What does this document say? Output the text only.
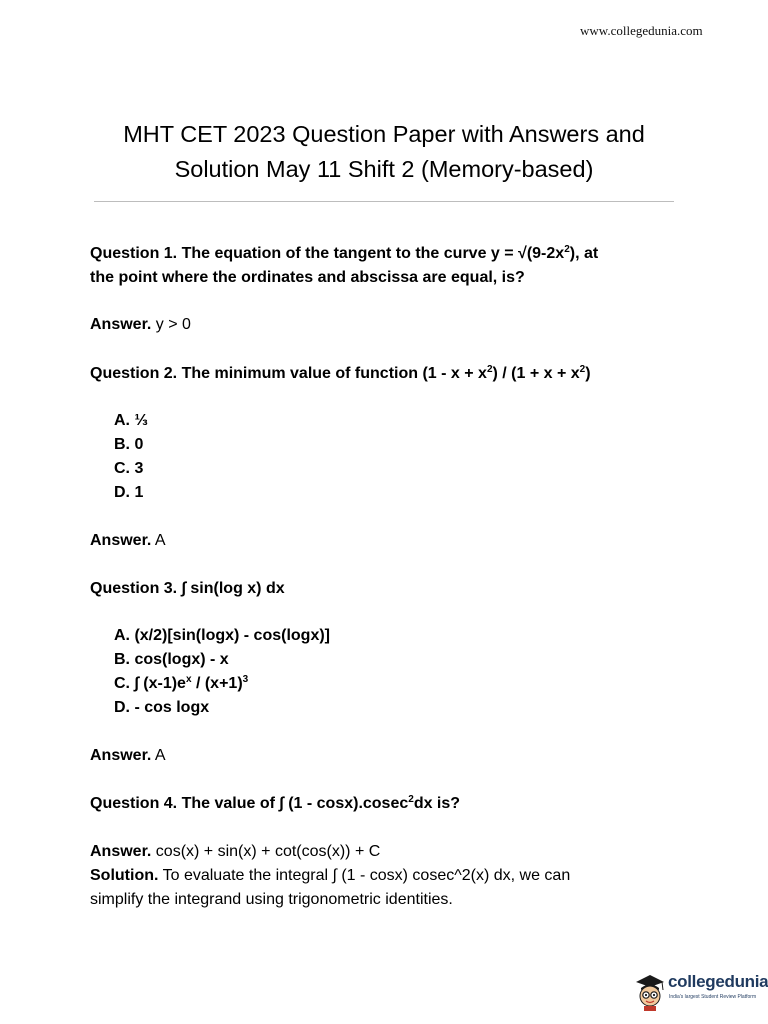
www.collegedunia.com
MHT CET 2023 Question Paper with Answers and
Solution May 11 Shift 2 (Memory-based)

Question 1. The equation of the tangent to the curve $y = √(9-2x^2)$, at
the point where the ordinates and abscissa are equal, is?

Answer. y > 0

Question 2. The minimum value of function $(1 - x + x^2) / (1 + x + x^2)$

A. ⅓
B. 0
C. 3
D. 1

Answer. A

Question 3. ∫ sin(log x) dx

A. (x/2)[sin(logx) - cos(logx)]
B. cos(logx) - x
C. ∫ $(x-1)e^x / (x+1)^3$
D. - cos logx

Answer. A

Question 4. The value of ∫ (1 - cosx).cosec$^2$dx is?

Answer. cos(x) + sin(x) + cot(cos(x)) + C

Solution. To evaluate the integral ∫ (1 - cosx) cosec^2(x) dx, we can
simplify the integrand using trigonometric identities.

collegedunia
India's largest Student Review Platform
